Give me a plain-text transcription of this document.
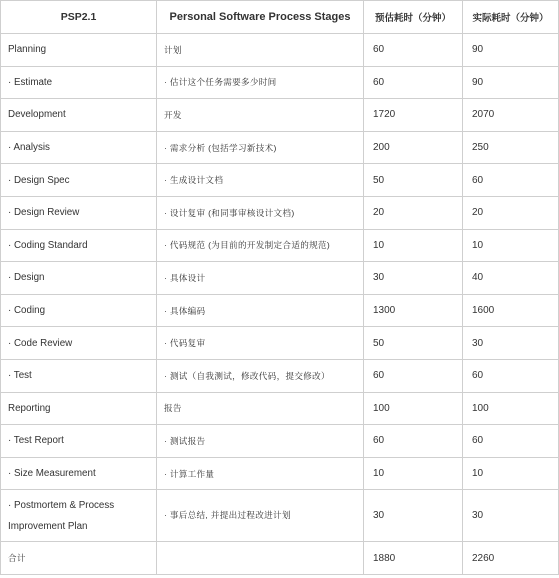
PSP2.1	Personal Software Process Stages	预估耗时（分钟）	实际耗时（分钟）
Planning	计划	60	90
· Estimate	· 估计这个任务需要多少时间	60	90
Development	开发	1720	2070
· Analysis	· 需求分析 (包括学习新技术)	200	250
· Design Spec	· 生成设计文档	50	60
· Design Review	· 设计复审 (和同事审核设计文档)	20	20
· Coding Standard	· 代码规范 (为目前的开发制定合适的规范)	10	10
· Design	· 具体设计	30	40
· Coding	· 具体编码	1300	1600
· Code Review	· 代码复审	50	30
· Test	· 测试（自我测试，修改代码，提交修改）	60	60
Reporting	报告	100	100
· Test Report	· 测试报告	60	60
· Size Measurement	· 计算工作量	10	10
· Postmortem & Process Improvement Plan	· 事后总结, 并提出过程改进计划	30	30
合计		1880	2260
